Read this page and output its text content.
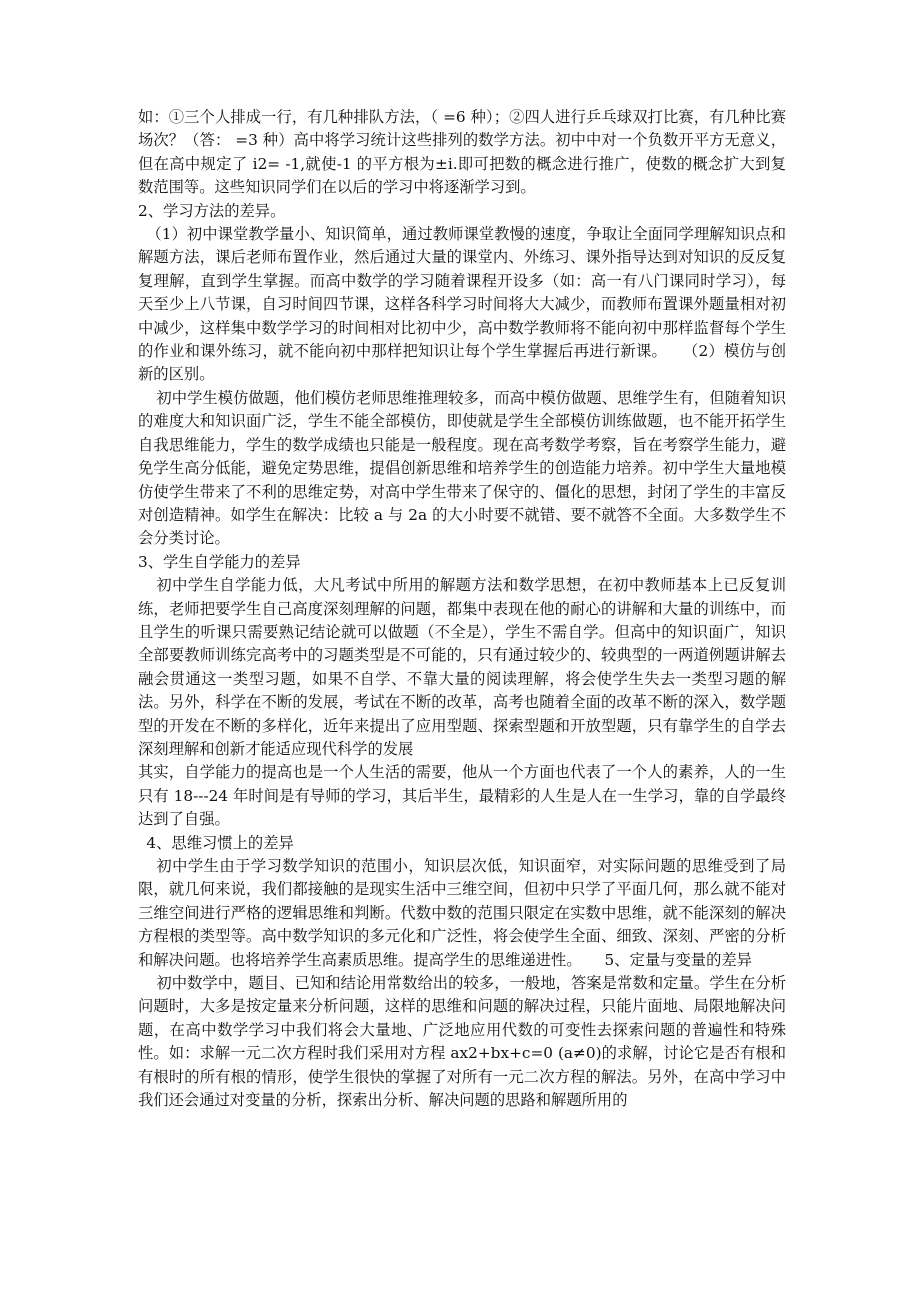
如：①三个人排成一行，有几种排队方法，（ =6 种）；②四人进行乒乓球双打比赛，有几种比赛场次？（答： =3 种）高中将学习统计这些排列的数学方法。初中中对一个负数开平方无意义，但在高中规定了 i2= -1,就使-1 的平方根为±i.即可把数的概念进行推广，使数的概念扩大到复数范围等。这些知识同学们在以后的学习中将逐渐学习到。

2、学习方法的差异。

（1）初中课堂教学量小、知识简单，通过教师课堂教慢的速度，争取让全面同学理解知识点和解题方法，课后老师布置作业，然后通过大量的课堂内、外练习、课外指导达到对知识的反反复复理解，直到学生掌握。而高中数学的学习随着课程开设多（如：高一有八门课同时学习），每天至少上八节课，自习时间四节课，这样各科学习时间将大大减少，而教师布置课外题量相对初中减少，这样集中数学学习的时间相对比初中少，高中数学教师将不能向初中那样监督每个学生的作业和课外练习，就不能向初中那样把知识让每个学生掌握后再进行新课。　　（2）模仿与创新的区别。

初中学生模仿做题，他们模仿老师思维推理较多，而高中模仿做题、思维学生有，但随着知识的难度大和知识面广泛，学生不能全部模仿，即使就是学生全部模仿训练做题，也不能开拓学生自我思维能力，学生的数学成绩也只能是一般程度。现在高考数学考察，旨在考察学生能力，避免学生高分低能，避免定势思维，提倡创新思维和培养学生的创造能力培养。初中学生大量地模仿使学生带来了不利的思维定势，对高中学生带来了保守的、僵化的思想，封闭了学生的丰富反对创造精神。如学生在解决：比较 a 与 2a 的大小时要不就错、要不就答不全面。大多数学生不会分类讨论。

3、学生自学能力的差异

初中学生自学能力低，大凡考试中所用的解题方法和数学思想，在初中教师基本上已反复训练，老师把要学生自己高度深刻理解的问题，都集中表现在他的耐心的讲解和大量的训练中，而且学生的听课只需要熟记结论就可以做题（不全是），学生不需自学。但高中的知识面广，知识全部要教师训练完高考中的习题类型是不可能的，只有通过较少的、较典型的一两道例题讲解去融会贯通这一类型习题，如果不自学、不靠大量的阅读理解，将会使学生失去一类型习题的解法。另外，科学在不断的发展，考试在不断的改革，高考也随着全面的改革不断的深入，数学题型的开发在不断的多样化，近年来提出了应用型题、探索型题和开放型题，只有靠学生的自学去深刻理解和创新才能适应现代科学的发展

其实，自学能力的提高也是一个人生活的需要，他从一个方面也代表了一个人的素养，人的一生只有 18---24 年时间是有导师的学习，其后半生，最精彩的人生是人在一生学习，靠的自学最终达到了自强。

4、思维习惯上的差异

初中学生由于学习数学知识的范围小，知识层次低，知识面窄，对实际问题的思维受到了局限，就几何来说，我们都接触的是现实生活中三维空间，但初中只学了平面几何，那么就不能对三维空间进行严格的逻辑思维和判断。代数中数的范围只限定在实数中思维，就不能深刻的解决方程根的类型等。高中数学知识的多元化和广泛性，将会使学生全面、细致、深刻、严密的分析和解决问题。也将培养学生高素质思维。提高学生的思维递进性。　　5、定量与变量的差异

初中数学中，题目、已知和结论用常数给出的较多，一般地，答案是常数和定量。学生在分析问题时，大多是按定量来分析问题，这样的思维和问题的解决过程，只能片面地、局限地解决问题，在高中数学学习中我们将会大量地、广泛地应用代数的可变性去探索问题的普遍性和特殊性。如：求解一元二次方程时我们采用对方程 ax2+bx+c=0 (a≠0)的求解，讨论它是否有根和有根时的所有根的情形，使学生很快的掌握了对所有一元二次方程的解法。另外，在高中学习中我们还会通过对变量的分析，探索出分析、解决问题的思路和解题所用的
